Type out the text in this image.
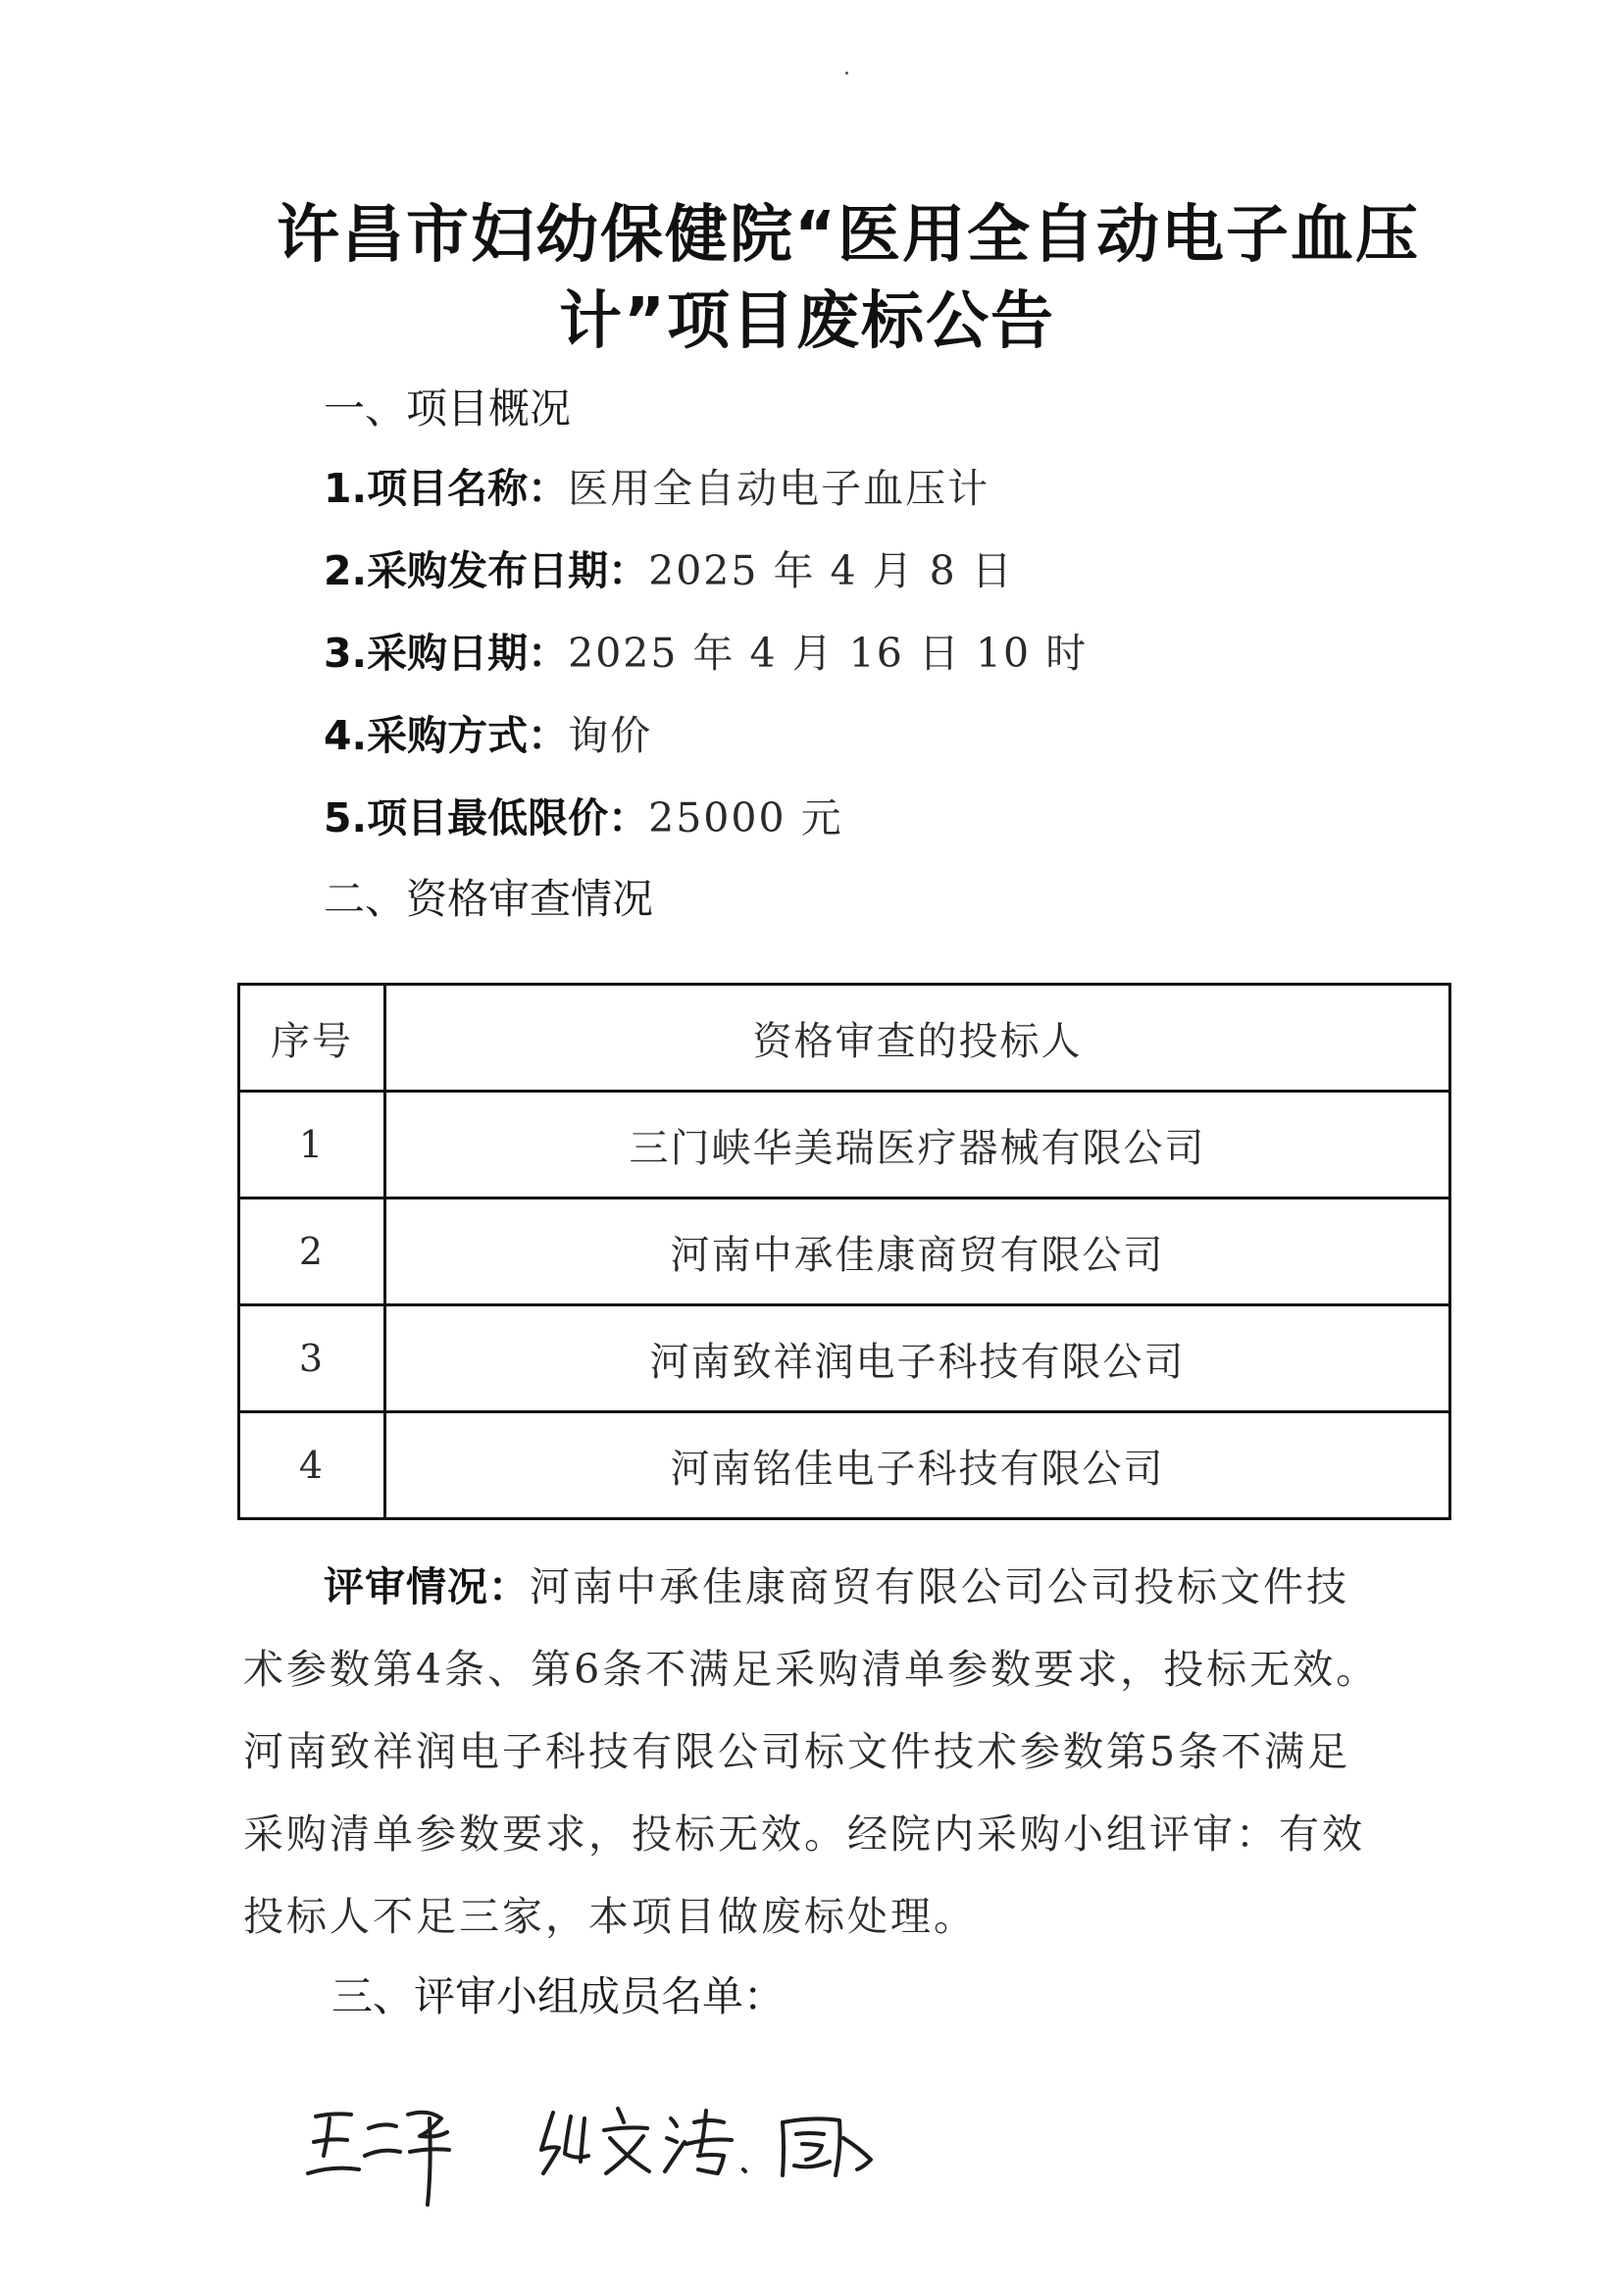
许昌市妇幼保健院“医用全自动电子血压
计”项目废标公告
一、项目概况
1.项目名称：医用全自动电子血压计
2.采购发布日期：2025 年 4 月 8 日
3.采购日期：2025 年 4 月 16 日 10 时
4.采购方式：询价
5.项目最低限价：25000 元
二、资格审查情况
序号	资格审查的投标人
1	三门峡华美瑞医疗器械有限公司
2	河南中承佳康商贸有限公司
3	河南致祥润电子科技有限公司
4	河南铭佳电子科技有限公司
评审情况：河南中承佳康商贸有限公司公司投标文件技术参数第4条、第6条不满足采购清单参数要求，投标无效。河南致祥润电子科技有限公司标文件技术参数第5条不满足采购清单参数要求，投标无效。经院内采购小组评审：有效投标人不足三家，本项目做废标处理。
三、评审小组成员名单：
